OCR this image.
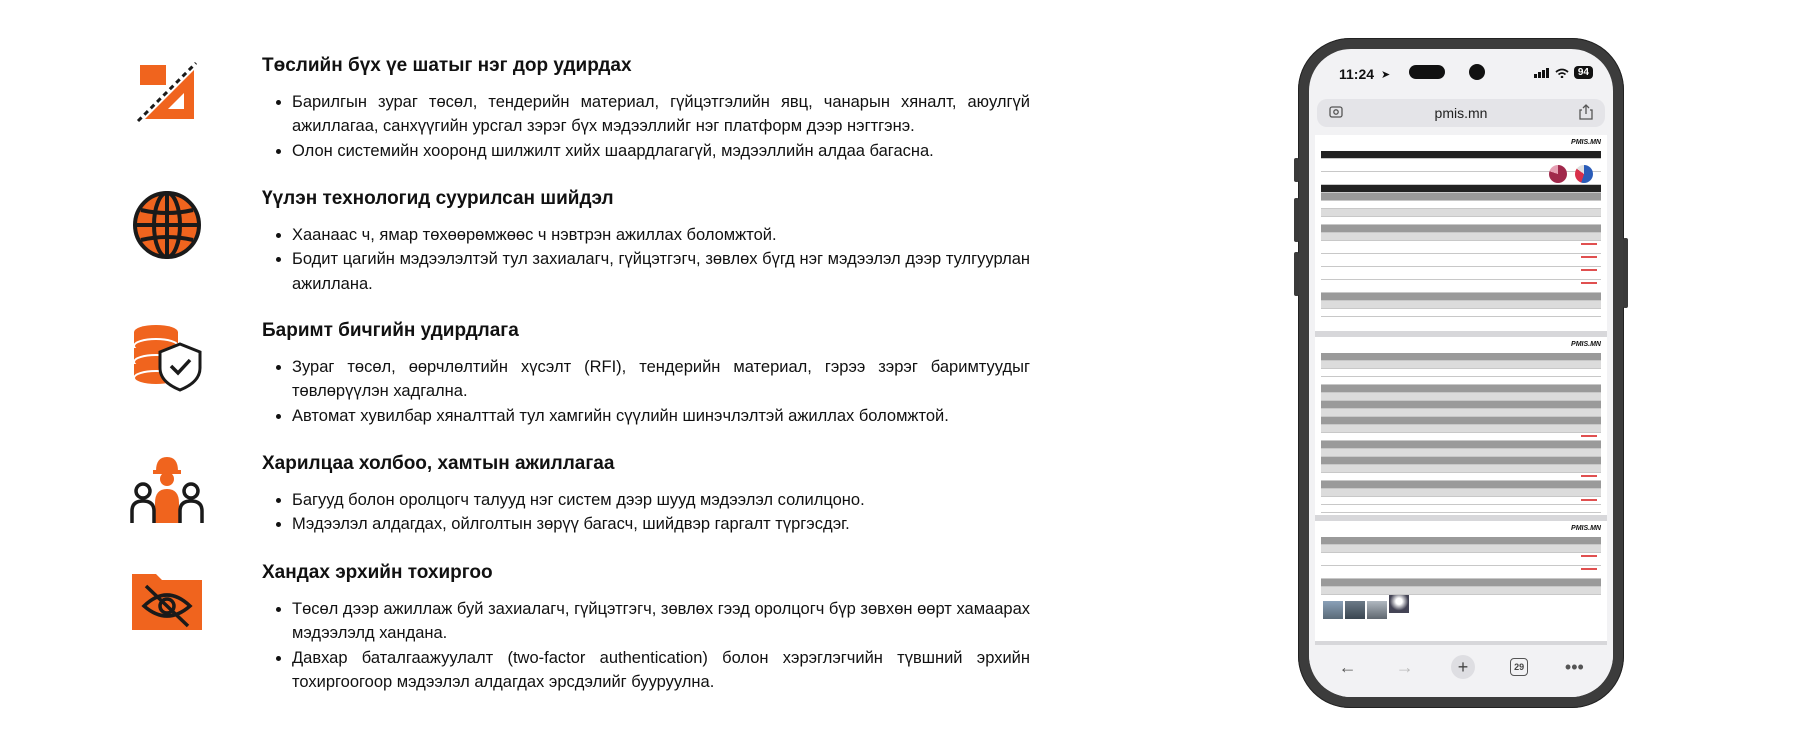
Төслийн бүх үе шатыг нэг дор удирдах
• Барилгын зураг төсөл, тендерийн материал, гүйцэтгэлийн явц, чанарын хяналт, аюулгүй ажиллагаа, санхүүгийн урсгал зэрэг бүх мэдээллийг нэг платформ дээр нэгтгэнэ.
• Олон системийн хооронд шилжилт хийх шаардлагагүй, мэдээллийн алдаа багасна.
Үүлэн технологид суурилсан шийдэл
• Хаанаас ч, ямар төхөөрөмжөөс ч нэвтрэн ажиллах боломжтой.
• Бодит цагийн мэдээлэлтэй тул захиалагч, гүйцэтгэгч, зөвлөх бүгд нэг мэдээлэл дээр тулгуурлан ажиллана.
Баримт бичгийн удирдлага
• Зураг төсөл, өөрчлөлтийн хүсэлт (RFI), тендерийн материал, гэрээ зэрэг баримтуудыг төвлөрүүлэн хадгална.
• Автомат хувилбар хяналттай тул хамгийн сүүлийн шинэчлэлтэй ажиллах боломжтой.
Харилцаа холбоо, хамтын ажиллагаа
• Багууд болон оролцогч талууд нэг систем дээр шууд мэдээлэл солилцоно.
• Мэдээлэл алдагдах, ойлголтын зөрүү багасч, шийдвэр гаргалт түргэсдэг.
Хандах эрхийн тохиргоо
• Төсөл дээр ажиллаж буй захиалагч, гүйцэтгэгч, зөвлөх гээд оролцогч бүр зөвхөн өөрт хамаарах мэдээлэлд хандана.
• Давхар баталгаажуулалт (two-factor authentication) болон хэрэглэгчийн түвшний эрхийн тохиргоогоор мэдээлэл алдагдах эрсдэлийг бууруулна.
11:24 ➤	94
pmis.mn
PMIS.MN
PMIS.MN
PMIS.MN
← →	+	29 •••
